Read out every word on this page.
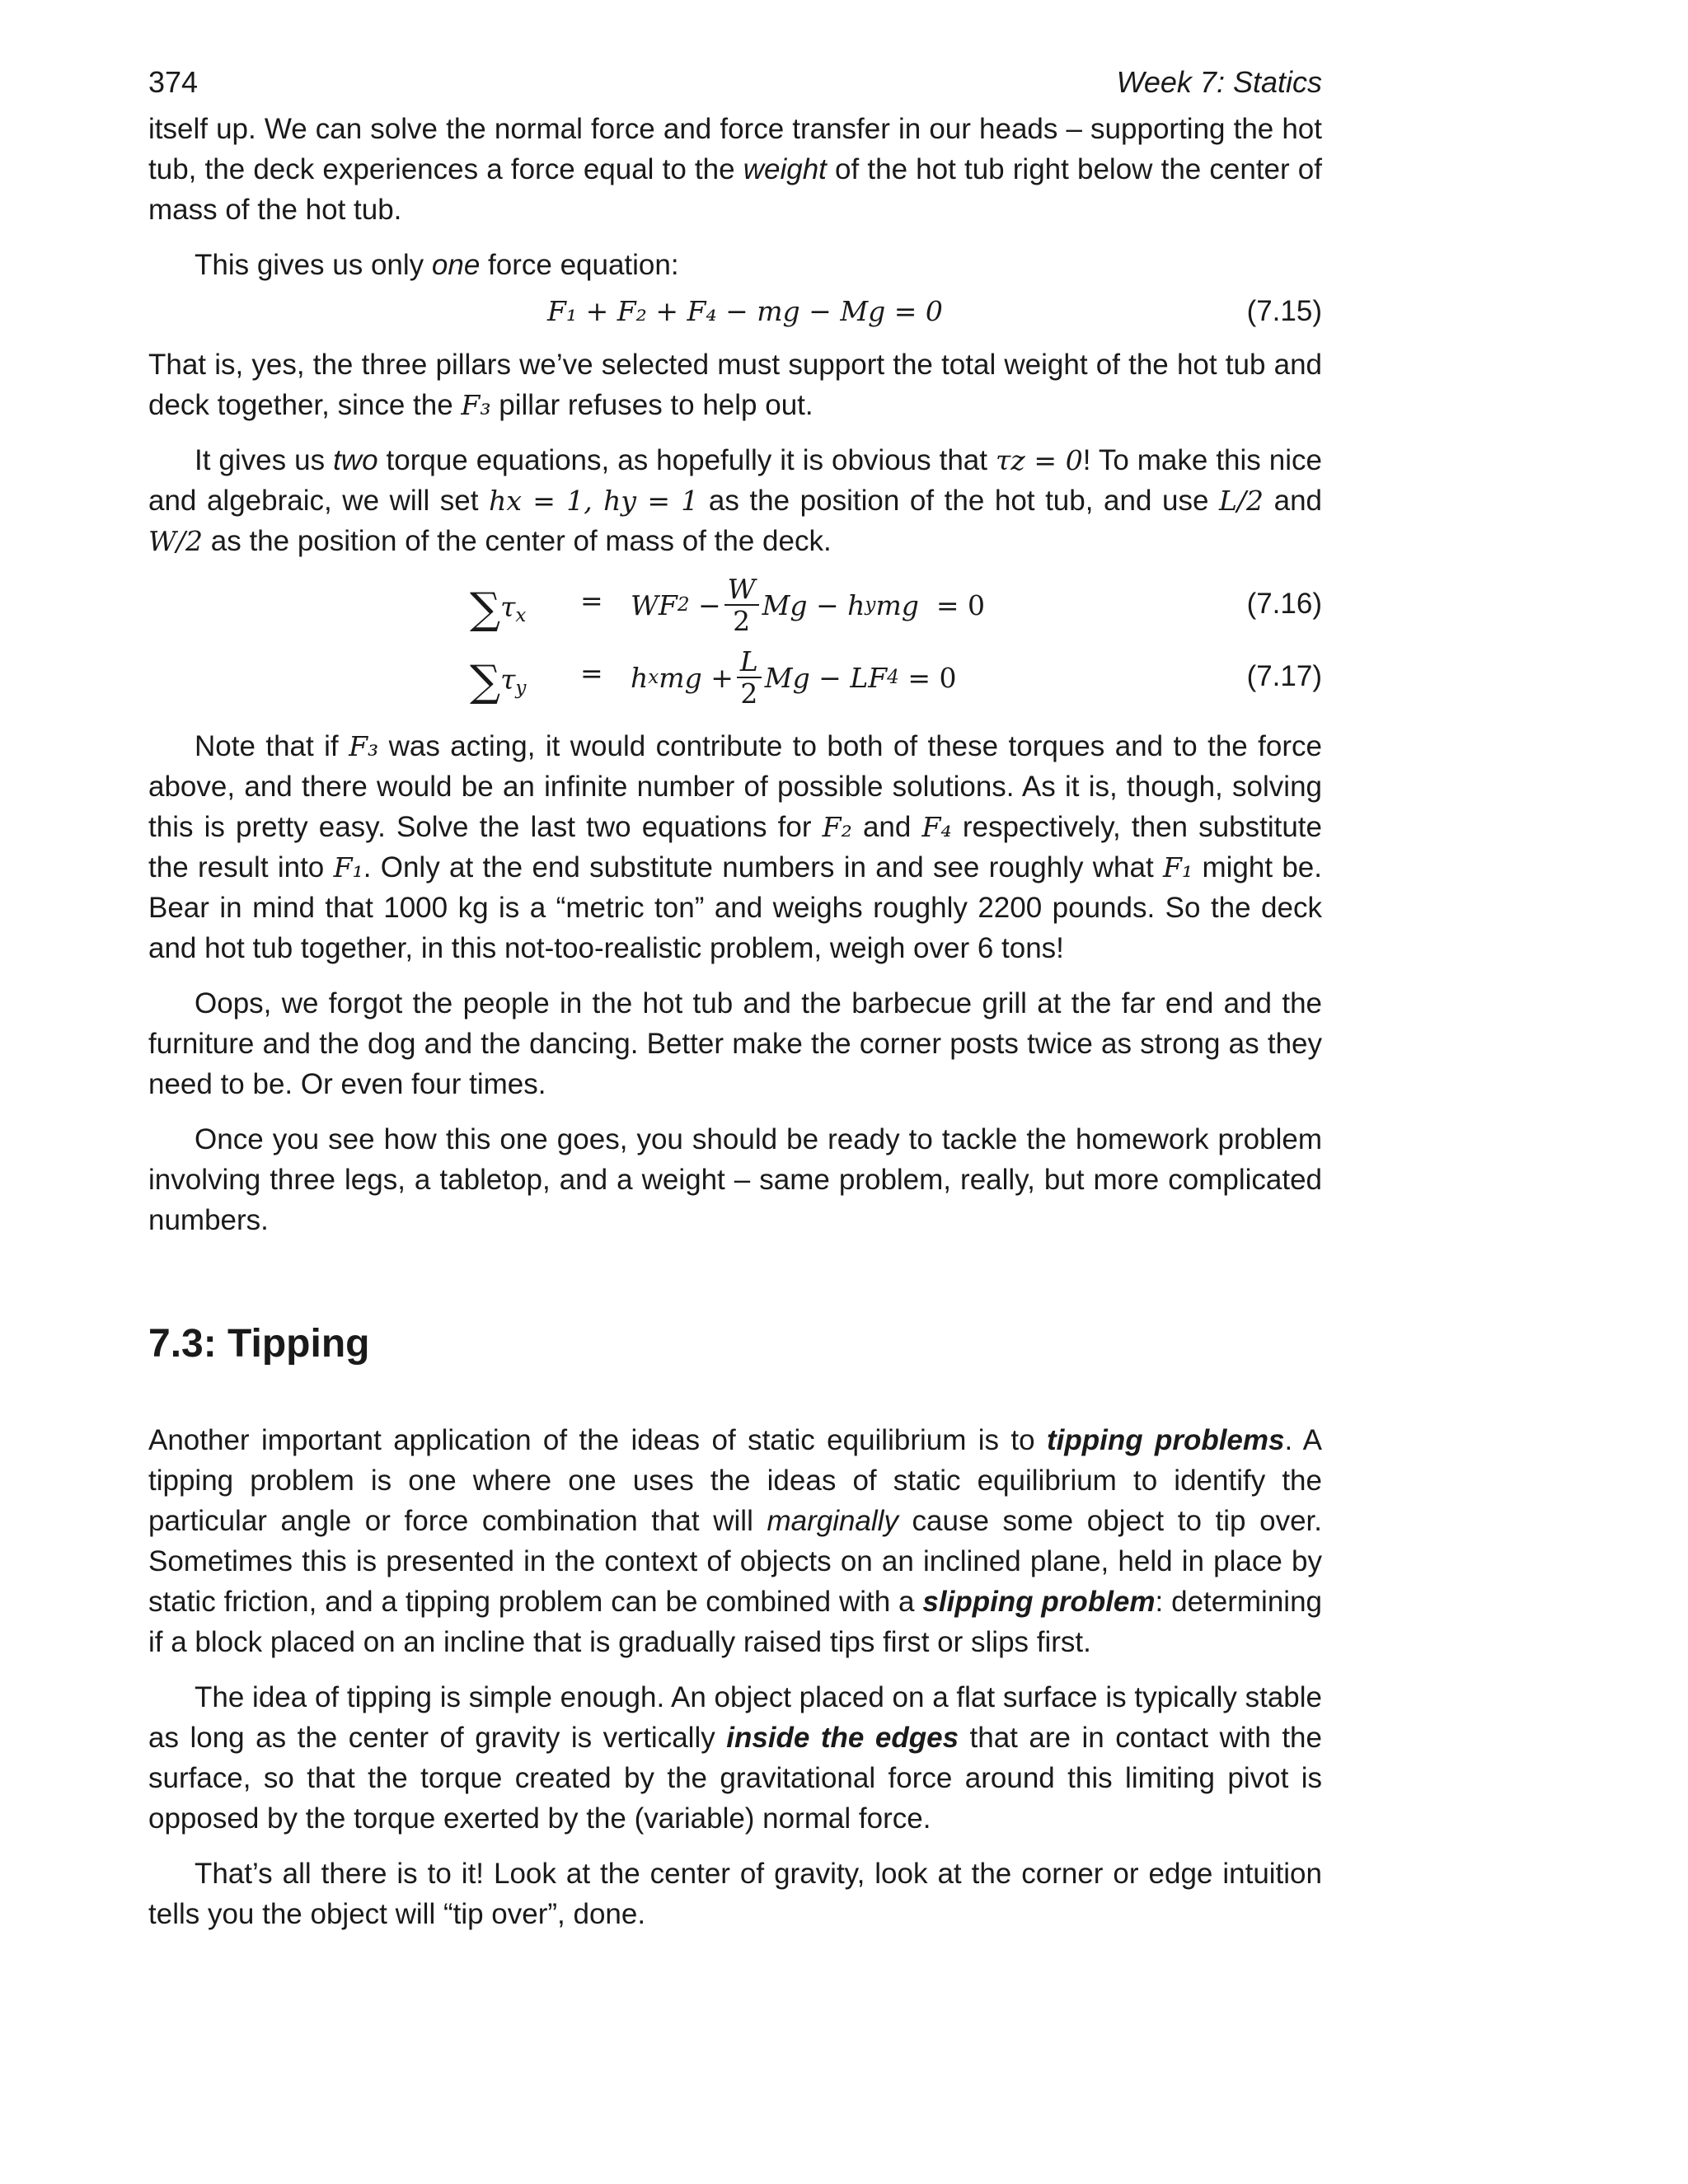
374	Week 7: Statics

itself up. We can solve the normal force and force transfer in our heads – supporting the hot tub, the deck experiences a force equal to the weight of the hot tub right below the center of mass of the hot tub.

This gives us only one force equation:

F₁ + F₂ + F₄ − mg − Mg = 0	(7.15)

That is, yes, the three pillars we’ve selected must support the total weight of the hot tub and deck together, since the F₃ pillar refuses to help out.

It gives us two torque equations, as hopefully it is obvious that τz = 0! To make this nice and algebraic, we will set hx = 1, hy = 1 as the position of the hot tub, and use L/2 and W/2 as the position of the center of mass of the deck.

$\sum\tau_x$ = WF $2 - \frac{W}{2}$ Mg − h y mg =
0	(7.16)
$\sum\tau_y = h$ x mg + $\frac{L}{2}$ Mg − LF 4
=
0	(7.17)

Note that if F₃ was acting, it would contribute to both of these torques and to the force above, and there would be an infinite number of possible solutions. As it is, though, solving this is pretty easy. Solve the last two equations for F₂ and F₄ respectively, then substitute the result into F₁. Only at the end substitute numbers in and see roughly what F₁ might be. Bear in mind that 1000 kg is a “metric ton” and weighs roughly 2200 pounds. So the deck and hot tub together, in this not-too-realistic problem, weigh over 6 tons!

Oops, we forgot the people in the hot tub and the barbecue grill at the far end and the furniture and the dog and the dancing. Better make the corner posts twice as strong as they need to be. Or even four times.

Once you see how this one goes, you should be ready to tackle the homework problem involving three legs, a tabletop, and a weight – same problem, really, but more complicated numbers.

7.3: Tipping

Another important application of the ideas of static equilibrium is to tipping problems. A tipping problem is one where one uses the ideas of static equilibrium to identify the particular angle or force combination that will marginally cause some object to tip over. Sometimes this is presented in the context of objects on an inclined plane, held in place by static friction, and a tipping problem can be combined with a slipping problem: determining if a block placed on an incline that is gradually raised tips first or slips first.

The idea of tipping is simple enough. An object placed on a flat surface is typically stable as long as the center of gravity is vertically inside the edges that are in contact with the surface, so that the torque created by the gravitational force around this limiting pivot is opposed by the torque exerted by the (variable) normal force.

That’s all there is to it! Look at the center of gravity, look at the corner or edge intuition tells you the object will “tip over”, done.
